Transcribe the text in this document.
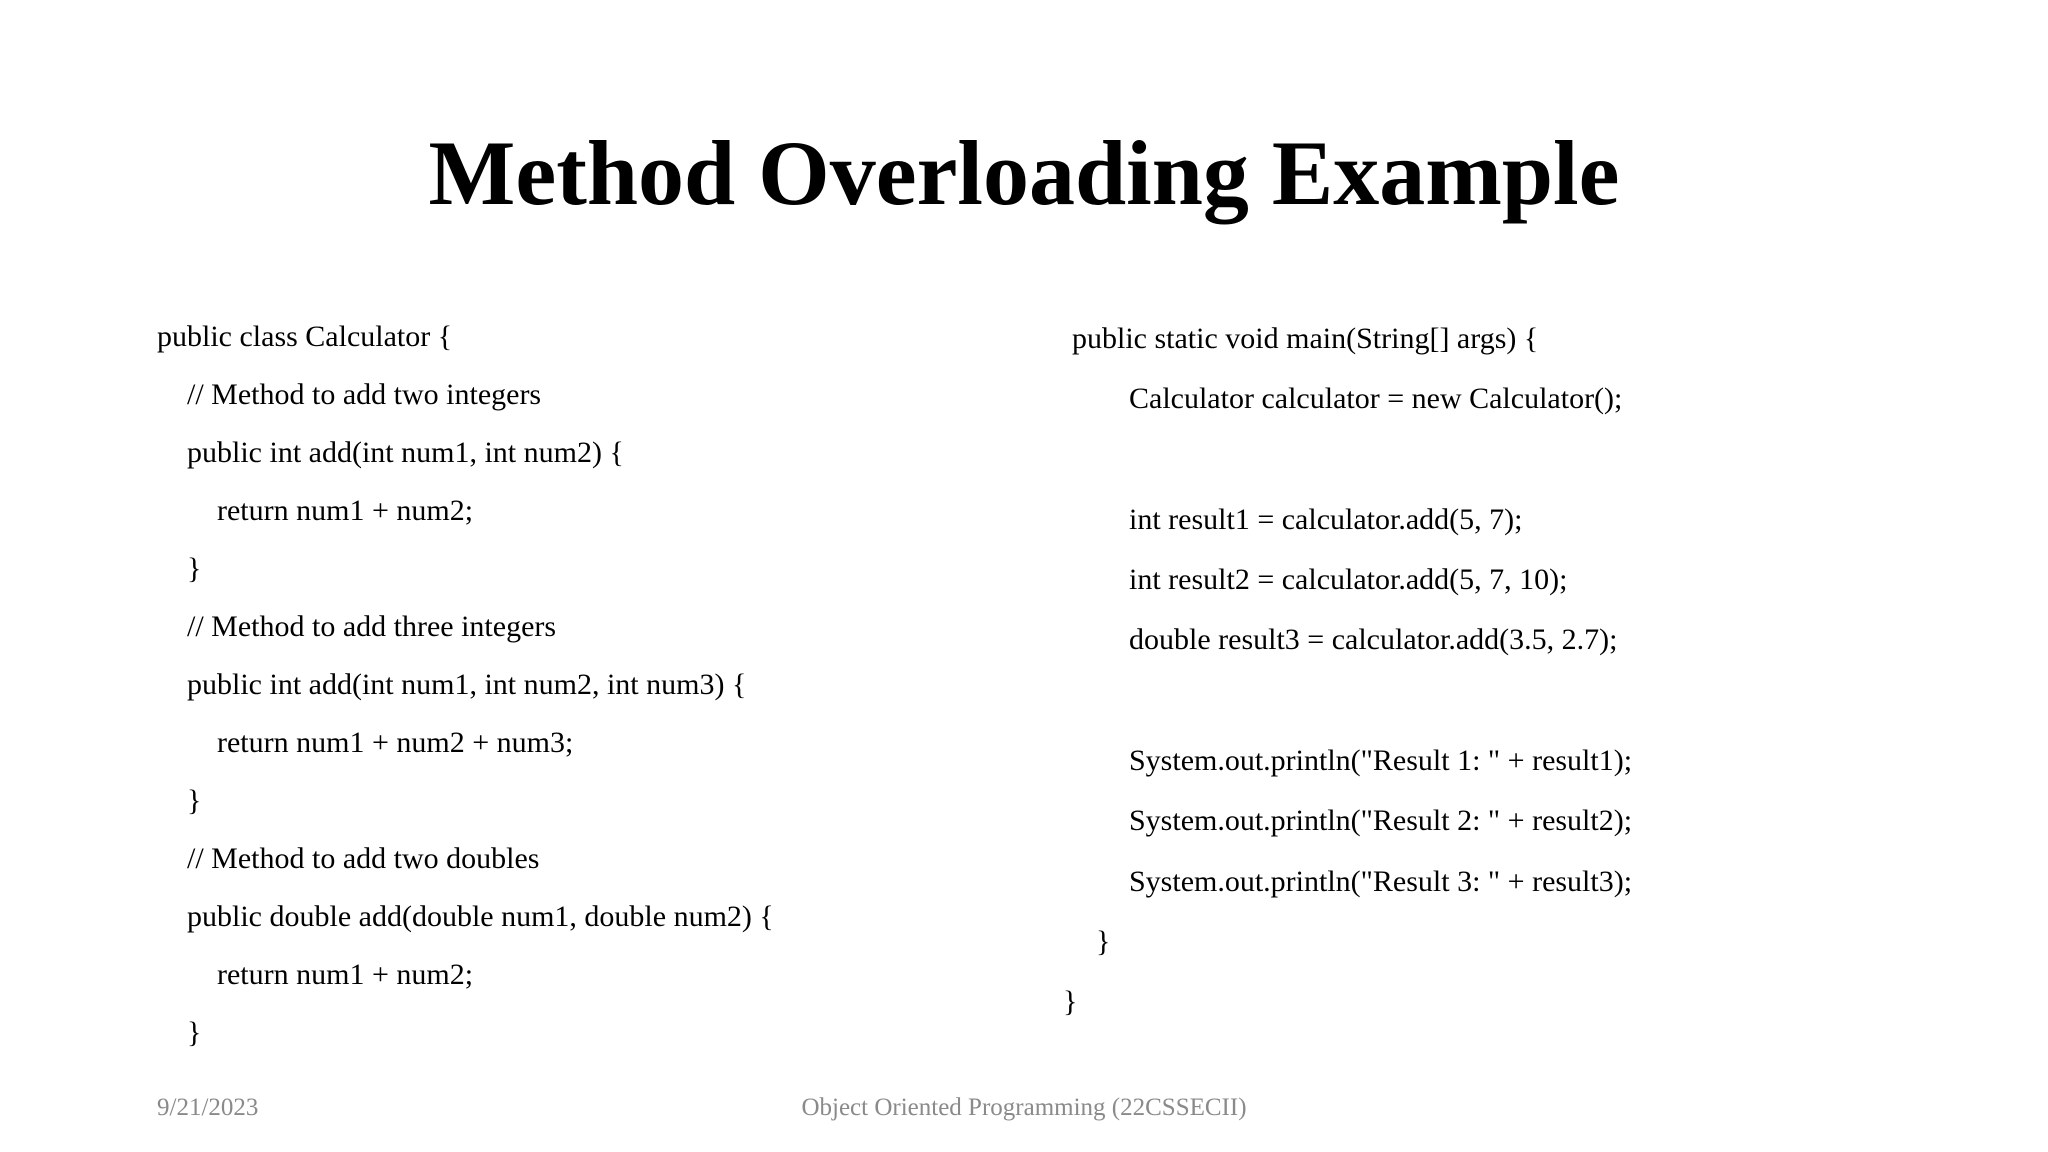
Method Overloading Example

public class Calculator {

// Method to add two integers

public int add(int num1, int num2) {

return num1 + num2;

}

// Method to add three integers

public int add(int num1, int num2, int num3) {

return num1 + num2 + num3;

}

// Method to add two doubles

public double add(double num1, double num2) {

return num1 + num2;

}

public static void main(String[] args) {

Calculator calculator = new Calculator();

int result1 = calculator.add(5, 7);

int result2 = calculator.add(5, 7, 10);

double result3 = calculator.add(3.5, 2.7);

System.out.println("Result 1: " + result1);

System.out.println("Result 2: " + result2);

System.out.println("Result 3: " + result3);

}

}

Object Oriented Programming (22CSSECII)
9/21/2023
